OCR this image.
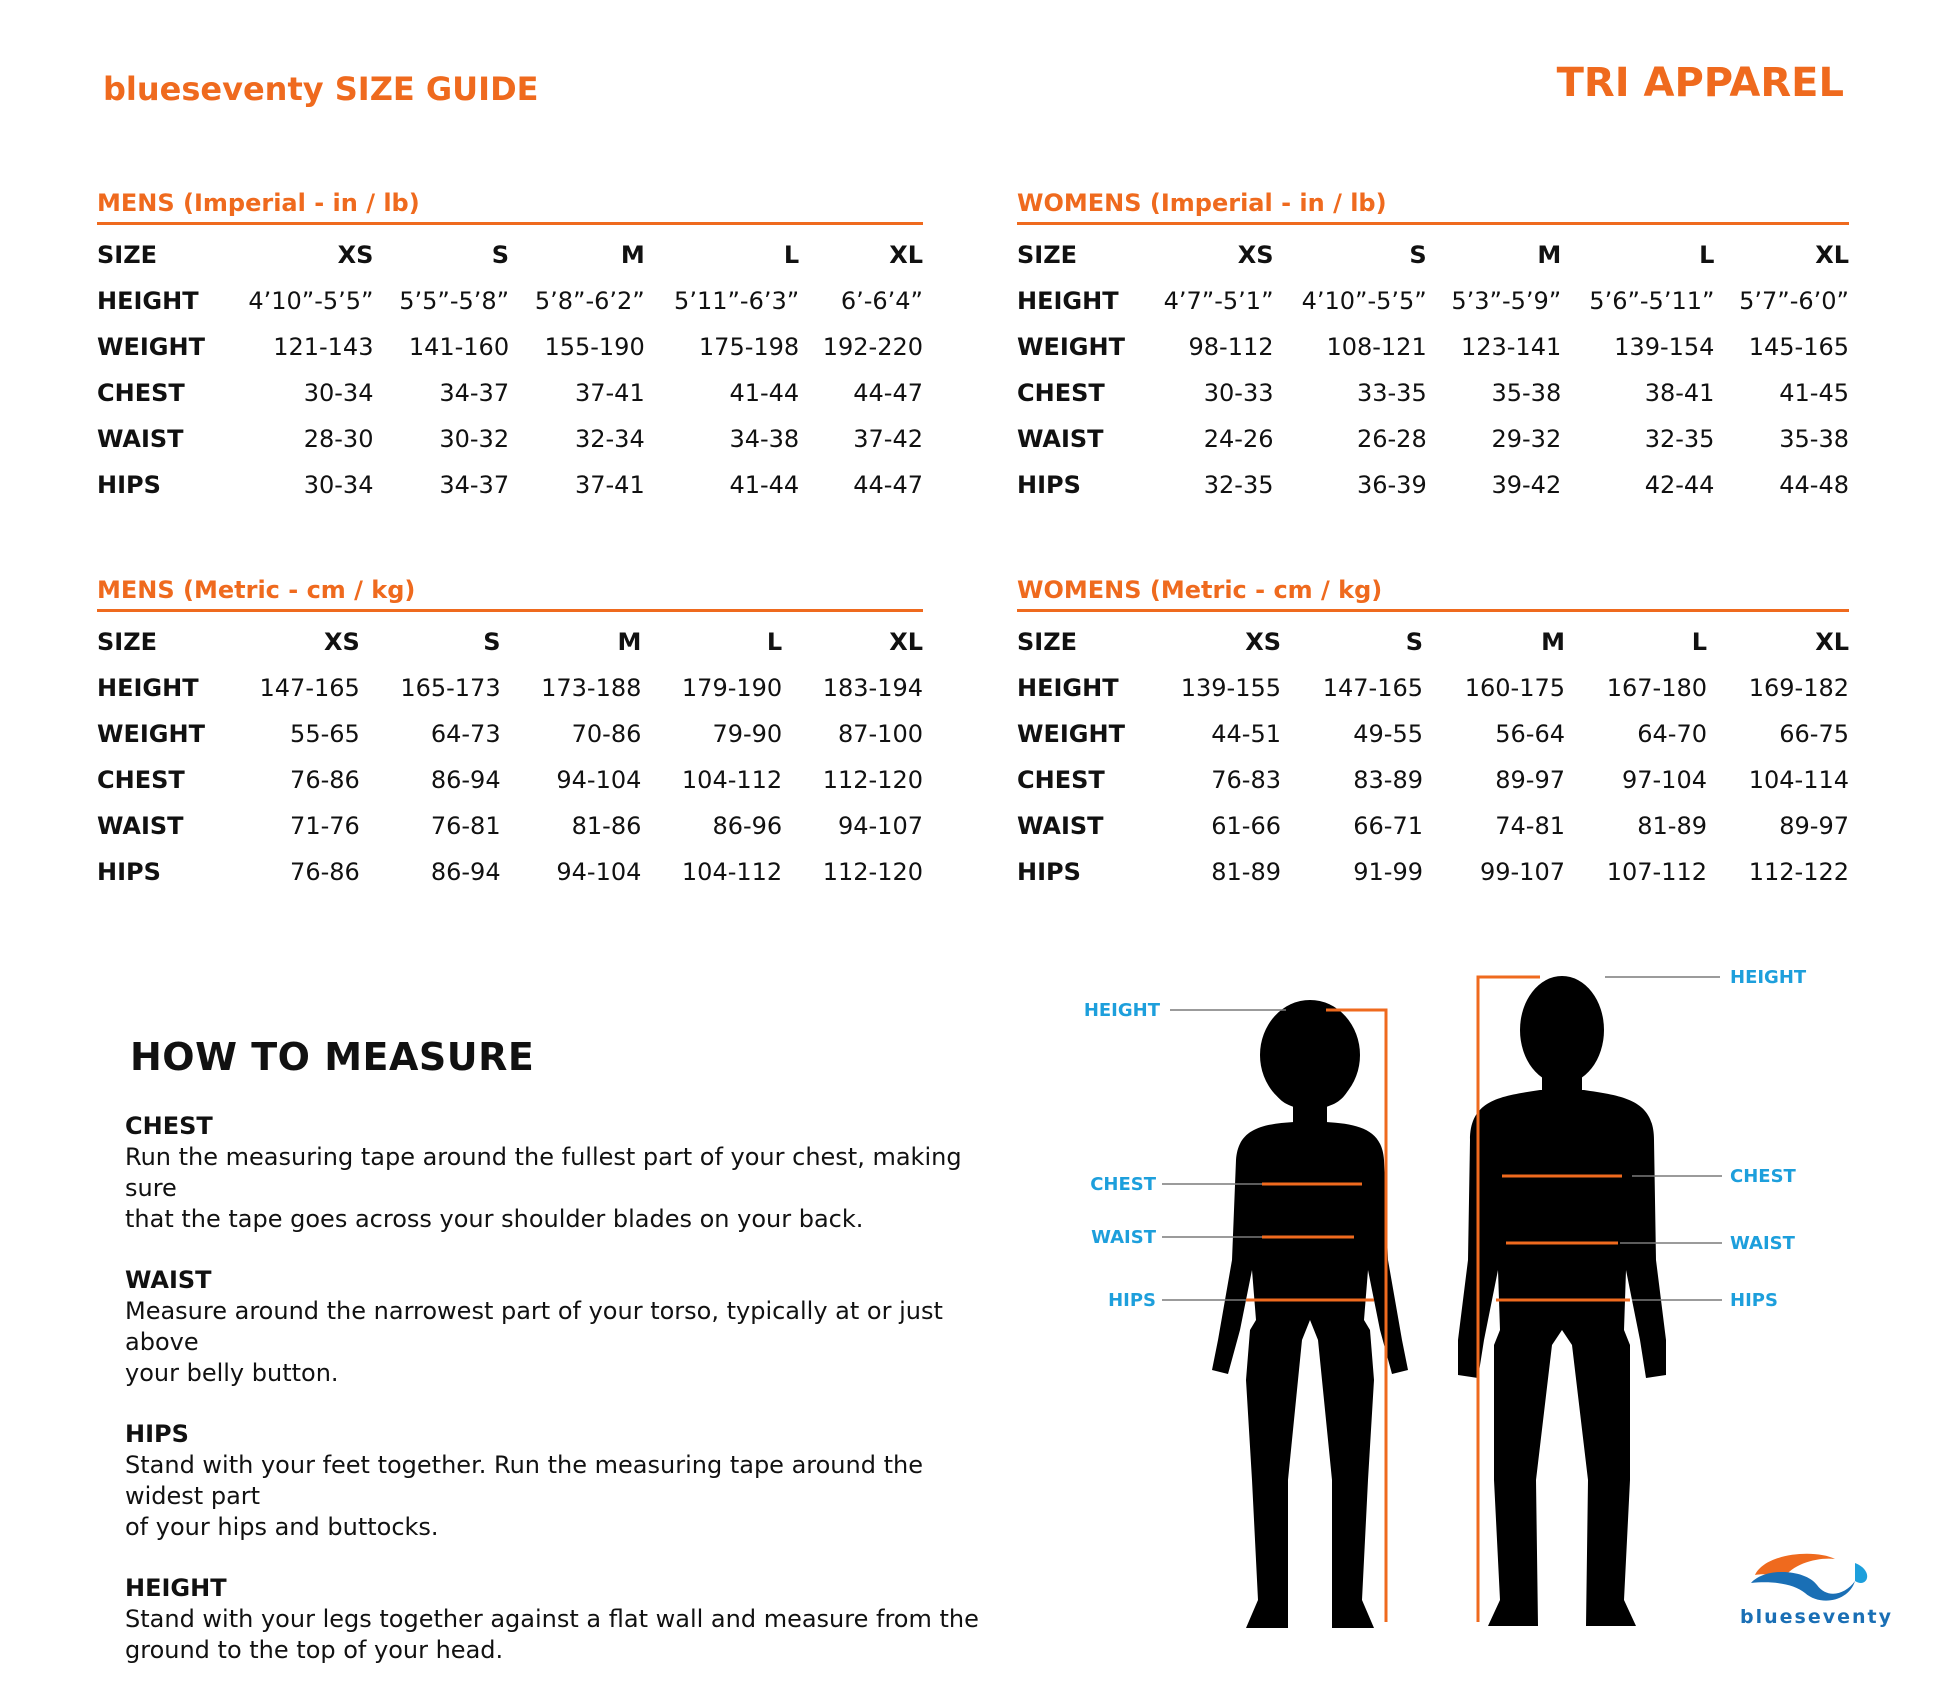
blueseventy SIZE GUIDE	TRI APPAREL
MENS (Imperial - in / lb)
SIZE	XS	S	M	L	XL
HEIGHT	4’10”-5’5”	5’5”-5’8”	5’8”-6’2”	5’11”-6’3”	6’-6’4”
WEIGHT	121-143	141-160	155-190	175-198	192-220
CHEST	30-34	34-37	37-41	41-44	44-47
WAIST	28-30	30-32	32-34	34-38	37-42
HIPS	30-34	34-37	37-41	41-44	44-47
WOMENS (Imperial - in / lb)
SIZE	XS	S	M	L	XL
HEIGHT	4’7”-5’1”	4’10”-5’5”	5’3”-5’9”	5’6”-5’11”	5’7”-6’0”
WEIGHT	98-112	108-121	123-141	139-154	145-165
CHEST	30-33	33-35	35-38	38-41	41-45
WAIST	24-26	26-28	29-32	32-35	35-38
HIPS	32-35	36-39	39-42	42-44	44-48
MENS (Metric - cm / kg)
SIZE	XS	S	M	L	XL
HEIGHT	147-165	165-173	173-188	179-190	183-194
WEIGHT	55-65	64-73	70-86	79-90	87-100
CHEST	76-86	86-94	94-104	104-112	112-120
WAIST	71-76	76-81	81-86	86-96	94-107
HIPS	76-86	86-94	94-104	104-112	112-120
WOMENS (Metric - cm / kg)
SIZE	XS	S	M	L	XL
HEIGHT	139-155	147-165	160-175	167-180	169-182
WEIGHT	44-51	49-55	56-64	64-70	66-75
CHEST	76-83	83-89	89-97	97-104	104-114
WAIST	61-66	66-71	74-81	81-89	89-97
HIPS	81-89	91-99	99-107	107-112	112-122
HOW TO MEASURE
CHEST
Run the measuring tape around the fullest part of your chest, making sure
that the tape goes across your shoulder blades on your back.
WAIST
Measure around the narrowest part of your torso, typically at or just above
your belly button.
HIPS
Stand with your feet together. Run the measuring tape around the widest part
of your hips and buttocks.
HEIGHT
Stand with your legs together against a flat wall and measure from the
ground to the top of your head.
HEIGHT
CHEST
WAIST
HIPS
HEIGHT
CHEST
WAIST
HIPS
blueseventy
